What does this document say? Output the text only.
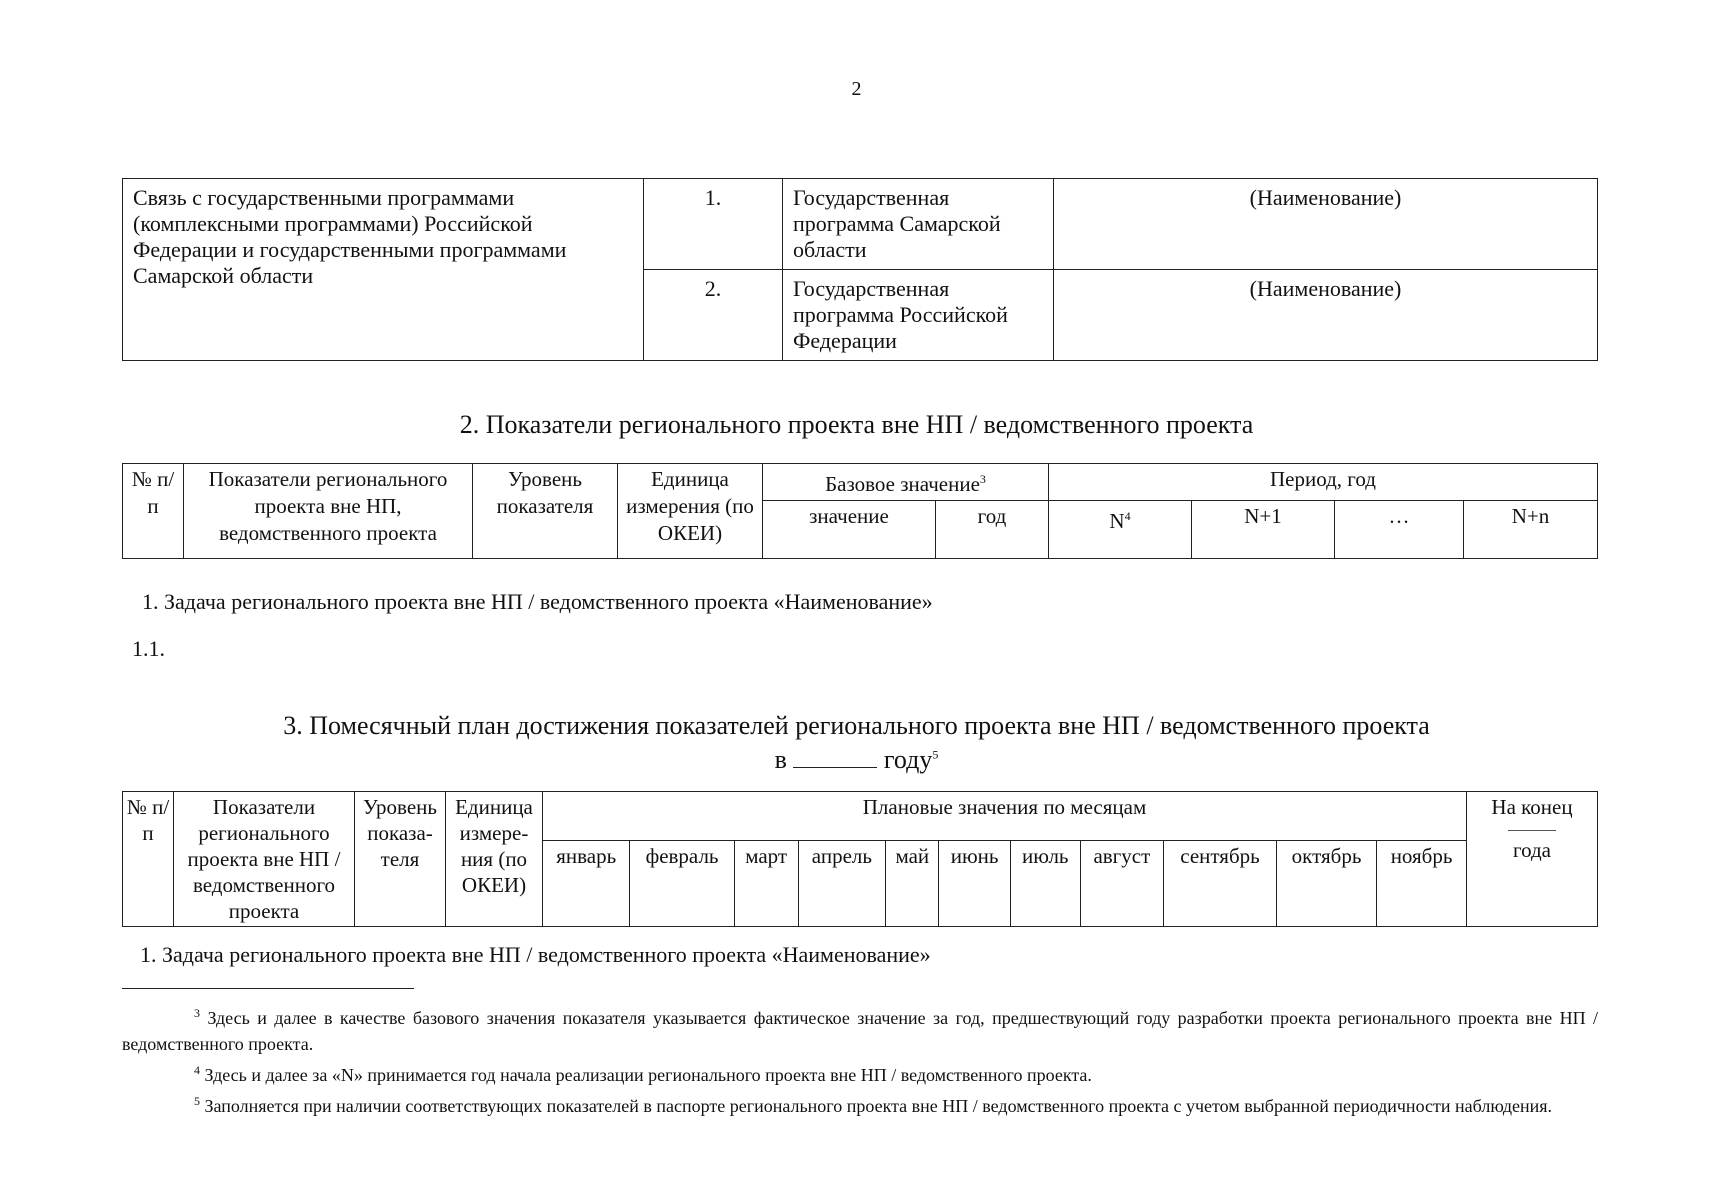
2
Связь с государственными программами (комплексными программами) Российской Федерации и государственными программами Самарской области	1.	Государственная программа Самарской области	(Наименование)
	2.	Государственная программа Российской Федерации	(Наименование)
2. Показатели регионального проекта вне НП / ведомственного проекта
№ п/п	Показатели регионального проекта вне НП, ведомственного проекта	Уровень показателя	Единица измерения (по ОКЕИ)	Базовое значение$^3$		Период, год			
				значение	год	$N^4$	N+1	…	N+n
1. Задача регионального проекта вне НП / ведомственного проекта «Наименование»
1.1.
3. Помесячный план достижения показателей регионального проекта вне НП / ведомственного проекта
в	году$^5$
№ п/п	Показатели регионального проекта вне НП / ведомственного проекта	Уровень показа-теля	Единица измере-ния (по ОКЕИ)	Плановые значения по месяцам											На конец
года
				январь	февраль	март	апрель	май	июнь	июль	август	сентябрь	октябрь	ноябрь	
1. Задача регионального проекта вне НП / ведомственного проекта «Наименование»

$^3$ Здесь и далее в качестве базового значения показателя указывается фактическое значение за год, предшествующий году разработки проекта регионального проекта вне НП / ведомственного проекта.

$^4$ Здесь и далее за «N» принимается год начала реализации регионального проекта вне НП / ведомственного проекта.

$^5$ Заполняется при наличии соответствующих показателей в паспорте регионального проекта вне НП / ведомственного проекта с учетом выбранной периодичности наблюдения.
